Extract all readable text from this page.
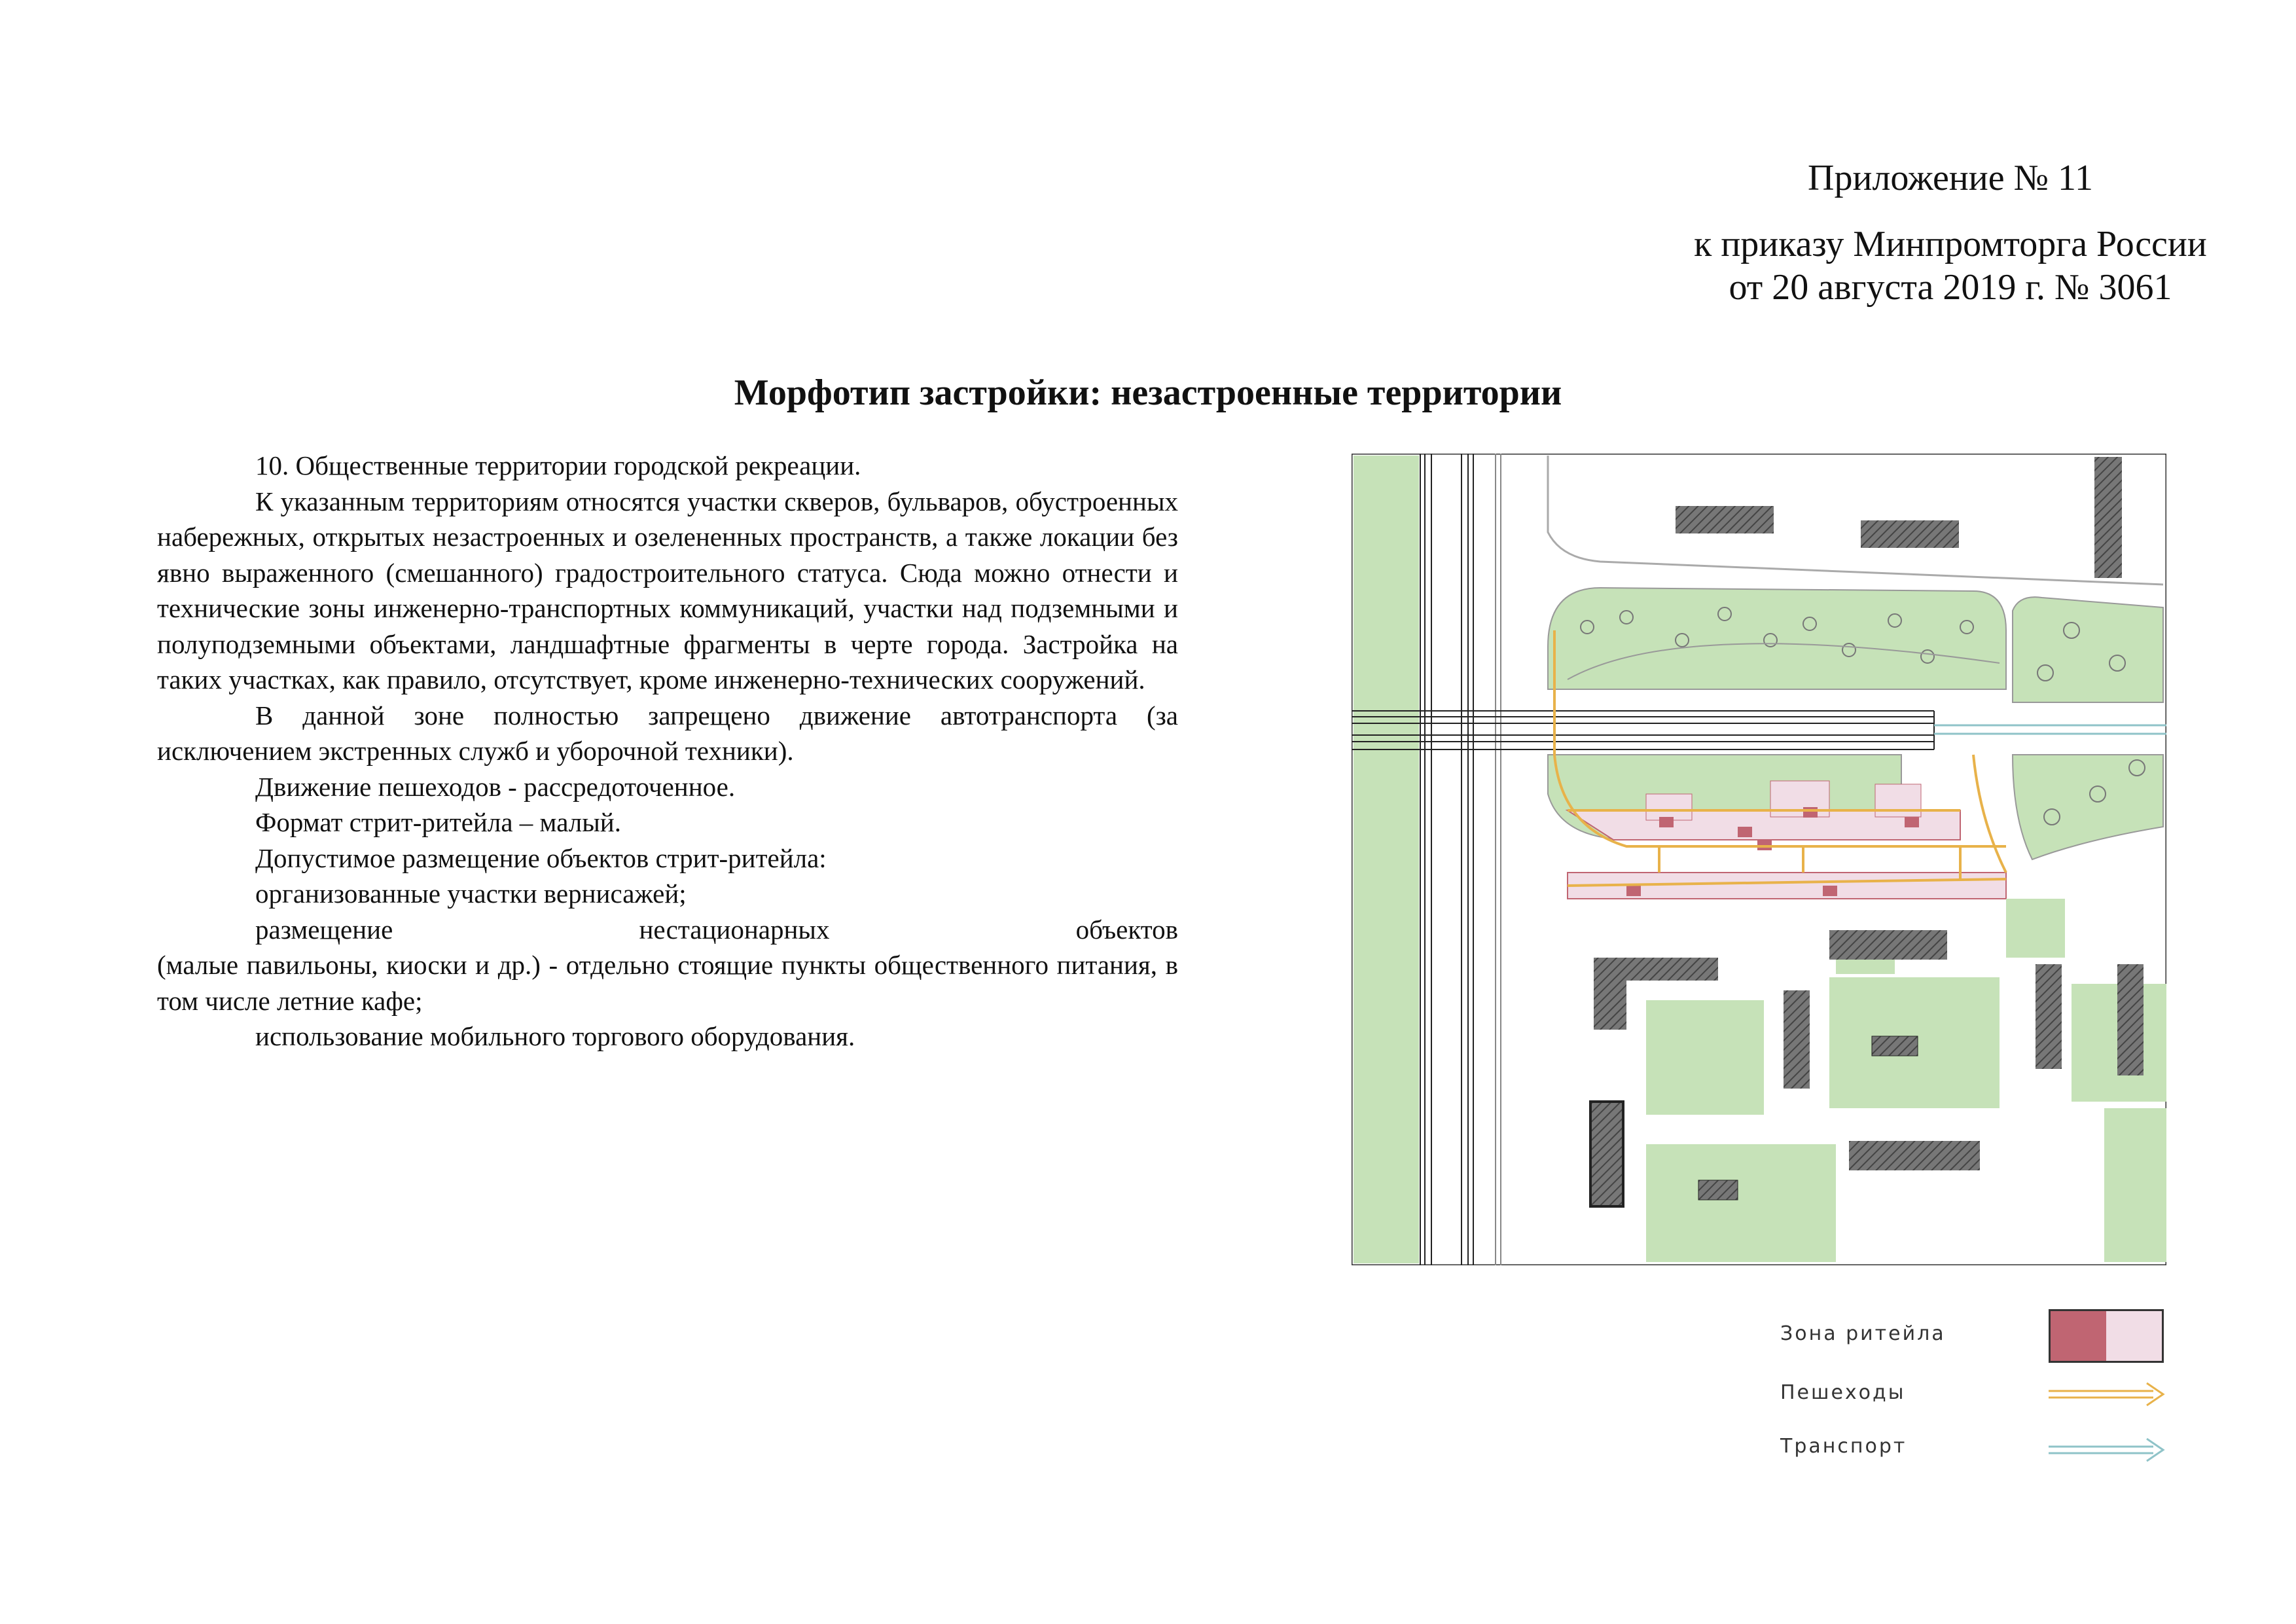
Приложение № 11
к приказу Минпромторга России
от 20 августа 2019 г. № 3061
Морфотип застройки: незастроенные территории

10. Общественные территории городской рекреации.

К указанным территориям относятся участки скверов, бульваров, обустроенных набережных, открытых незастроенных и озелененных пространств, а также локации без явно выраженного (смешанного) градостроительного статуса. Сюда можно отнести и технические зоны инженерно-транспортных коммуникаций, участки над подземными и полуподземными объектами, ландшафтные фрагменты в черте города. Застройка на таких участках, как правило, отсутствует, кроме инженерно-технических сооружений.

В данной зоне полностью запрещено движение автотранспорта (за исключением экстренных служб и уборочной техники).

Движение пешеходов - рассредоточенное.

Формат стрит-ритейла – малый.

Допустимое размещение объектов стрит-ритейла:

организованные участки вернисажей;

размещение	нестационарных	объектов

(малые павильоны, киоски и др.) - отдельно стоящие пункты общественного питания, в том числе летние кафе;

использование мобильного торгового оборудования.

Зона ритейла
Пешеходы
Транспорт
